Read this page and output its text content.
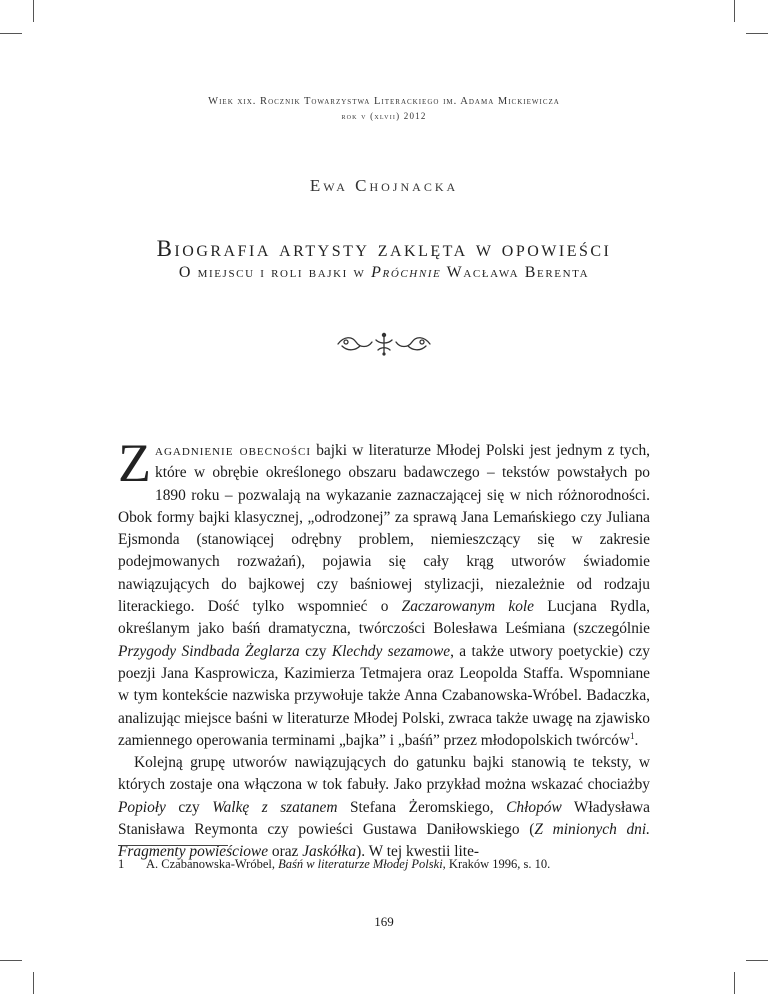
Wiek xix. Rocznik Towarzystwa Literackiego im. Adama Mickiewicza
rok v (xlvii) 2012
Ewa Chojnacka
Biografia artysty zaklęta w opowieści
O miejscu i roli bajki w Próchnie Wacława Berenta

Zagadnienie obecności bajki w literaturze Młodej Polski jest jednym z tych, które w obrębie określonego obszaru badawczego – tekstów powstałych po 1890 roku – pozwalają na wykazanie zaznaczającej się w nich różnorodności. Obok formy bajki klasycznej, „odrodzonej” za sprawą Jana Lemańskiego czy Juliana Ejsmonda (stanowiącej odrębny problem, niemieszczący się w zakresie podejmowanych rozważań), pojawia się cały krąg utworów świadomie nawiązujących do bajkowej czy baśniowej stylizacji, niezależnie od rodzaju literackiego. Dość tylko wspomnieć o Zaczarowanym kole Lucjana Rydla, określanym jako baśń dramatyczna, twórczości Bolesława Leśmiana (szczególnie Przygody Sindbada Żeglarza czy Klechdy sezamowe, a także utwory poetyckie) czy poezji Jana Kasprowicza, Kazimierza Tetmajera oraz Leopolda Staffa. Wspomniane w tym kontekście nazwiska przywołuje także Anna Czabanowska-Wróbel. Badaczka, analizując miejsce baśni w literaturze Młodej Polski, zwraca także uwagę na zjawisko zamiennego operowania terminami „bajka” i „baśń” przez młodopolskich twórców$^1$.

Kolejną grupę utworów nawiązujących do gatunku bajki stanowią te teksty, w których zostaje ona włączona w tok fabuły. Jako przykład można wskazać chociażby Popioły czy Walkę z szatanem Stefana Żeromskiego, Chłopów Władysława Stanisława Reymonta czy powieści Gustawa Daniłowskiego (Z minionych dni. Fragmenty powieściowe oraz Jaskółka). W tej kwestii lite-

1 A. Czabanowska-Wróbel, Baśń w literaturze Młodej Polski, Kraków 1996, s. 10.
169
